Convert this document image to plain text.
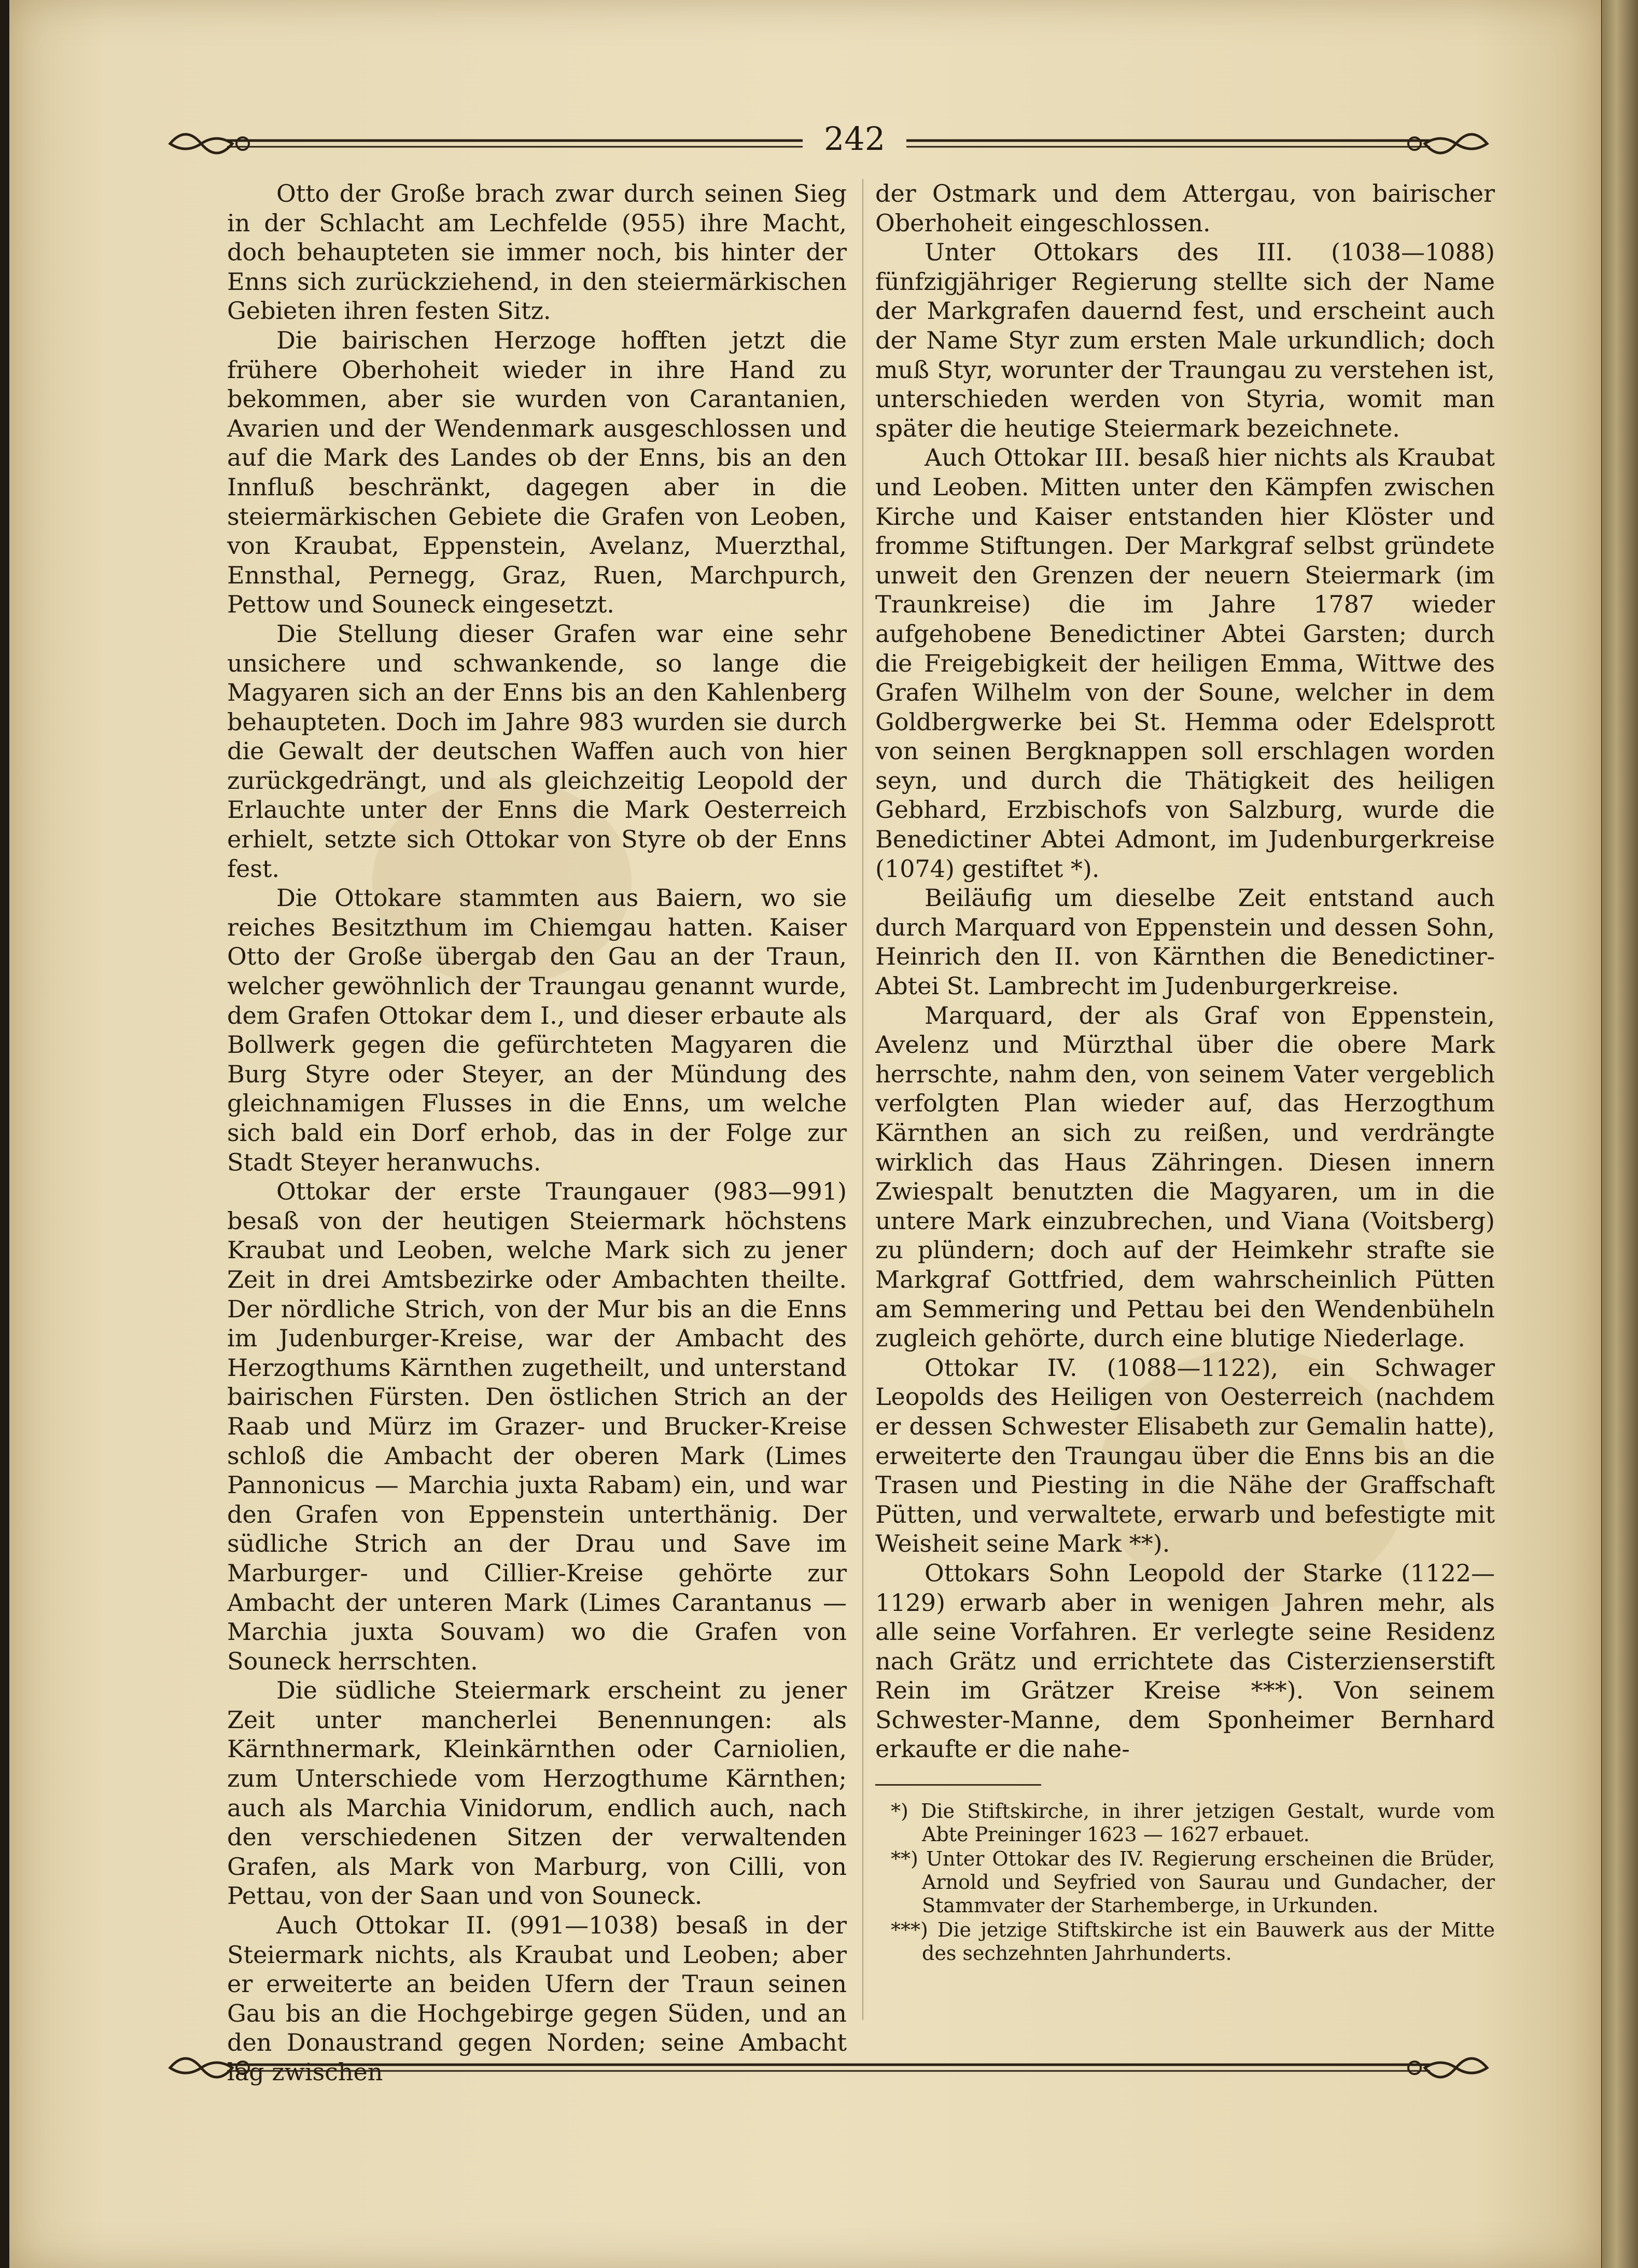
242

Otto der Große brach zwar durch seinen Sieg in der Schlacht am Lechfelde (955) ihre Macht, doch behaupteten sie immer noch, bis hinter der Enns sich zurückziehend, in den steiermärkischen Gebieten ihren festen Sitz.

Die bairischen Herzoge hofften jetzt die frühere Oberhoheit wieder in ihre Hand zu bekommen, aber sie wurden von Carantanien, Avarien und der Wendenmark ausgeschlossen und auf die Mark des Landes ob der Enns, bis an den Innfluß beschränkt, dagegen aber in die steiermärkischen Gebiete die Grafen von Leoben, von Kraubat, Eppenstein, Avelanz, Muerzthal, Ennsthal, Pernegg, Graz, Ruen, Marchpurch, Pettow und Souneck eingesetzt.

Die Stellung dieser Grafen war eine sehr unsichere und schwankende, so lange die Magyaren sich an der Enns bis an den Kahlenberg behaupteten. Doch im Jahre 983 wurden sie durch die Gewalt der deutschen Waffen auch von hier zurückgedrängt, und als gleichzeitig Leopold der Erlauchte unter der Enns die Mark Oesterreich erhielt, setzte sich Ottokar von Styre ob der Enns fest.

Die Ottokare stammten aus Baiern, wo sie reiches Besitzthum im Chiemgau hatten. Kaiser Otto der Große übergab den Gau an der Traun, welcher gewöhnlich der Traungau genannt wurde, dem Grafen Ottokar dem I., und dieser erbaute als Bollwerk gegen die gefürchteten Magyaren die Burg Styre oder Steyer, an der Mündung des gleichnamigen Flusses in die Enns, um welche sich bald ein Dorf erhob, das in der Folge zur Stadt Steyer heranwuchs.

Ottokar der erste Traungauer (983—991) besaß von der heutigen Steiermark höchstens Kraubat und Leoben, welche Mark sich zu jener Zeit in drei Amtsbezirke oder Ambachten theilte. Der nördliche Strich, von der Mur bis an die Enns im Judenburger-Kreise, war der Ambacht des Herzogthums Kärnthen zugetheilt, und unterstand bairischen Fürsten. Den östlichen Strich an der Raab und Mürz im Grazer- und Brucker-Kreise schloß die Ambacht der oberen Mark (Limes Pannonicus — Marchia juxta Rabam) ein, und war den Grafen von Eppenstein unterthänig. Der südliche Strich an der Drau und Save im Marburger- und Cillier-Kreise gehörte zur Ambacht der unteren Mark (Limes Carantanus — Marchia juxta Souvam) wo die Grafen von Souneck herrschten.

Die südliche Steiermark erscheint zu jener Zeit unter mancherlei Benennungen: als Kärnthnermark, Kleinkärnthen oder Carniolien, zum Unterschiede vom Herzogthume Kärnthen; auch als Marchia Vinidorum, endlich auch, nach den verschiedenen Sitzen der verwaltenden Grafen, als Mark von Marburg, von Cilli, von Pettau, von der Saan und von Souneck.

Auch Ottokar II. (991—1038) besaß in der Steiermark nichts, als Kraubat und Leoben; aber er erweiterte an beiden Ufern der Traun seinen Gau bis an die Hochgebirge gegen Süden, und an den Donaustrand gegen Norden; seine Ambacht lag zwischen

der Ostmark und dem Attergau, von bairischer Oberhoheit eingeschlossen.

Unter Ottokars des III. (1038—1088) fünfzigjähriger Regierung stellte sich der Name der Markgrafen dauernd fest, und erscheint auch der Name Styr zum ersten Male urkundlich; doch muß Styr, worunter der Traungau zu verstehen ist, unterschieden werden von Styria, womit man später die heutige Steiermark bezeichnete.

Auch Ottokar III. besaß hier nichts als Kraubat und Leoben. Mitten unter den Kämpfen zwischen Kirche und Kaiser entstanden hier Klöster und fromme Stiftungen. Der Markgraf selbst gründete unweit den Grenzen der neuern Steiermark (im Traunkreise) die im Jahre 1787 wieder aufgehobene Benedictiner Abtei Garsten; durch die Freigebigkeit der heiligen Emma, Wittwe des Grafen Wilhelm von der Soune, welcher in dem Goldbergwerke bei St. Hemma oder Edelsprott von seinen Bergknappen soll erschlagen worden seyn, und durch die Thätigkeit des heiligen Gebhard, Erzbischofs von Salzburg, wurde die Benedictiner Abtei Admont, im Judenburgerkreise (1074) gestiftet *).

Beiläufig um dieselbe Zeit entstand auch durch Marquard von Eppenstein und dessen Sohn, Heinrich den II. von Kärnthen die Benedictiner-Abtei St. Lambrecht im Judenburgerkreise.

Marquard, der als Graf von Eppenstein, Avelenz und Mürzthal über die obere Mark herrschte, nahm den, von seinem Vater vergeblich verfolgten Plan wieder auf, das Herzogthum Kärnthen an sich zu reißen, und verdrängte wirklich das Haus Zähringen. Diesen innern Zwiespalt benutzten die Magyaren, um in die untere Mark einzubrechen, und Viana (Voitsberg) zu plündern; doch auf der Heimkehr strafte sie Markgraf Gottfried, dem wahrscheinlich Pütten am Semmering und Pettau bei den Wendenbüheln zugleich gehörte, durch eine blutige Niederlage.

Ottokar IV. (1088—1122), ein Schwager Leopolds des Heiligen von Oesterreich (nachdem er dessen Schwester Elisabeth zur Gemalin hatte), erweiterte den Traungau über die Enns bis an die Trasen und Piesting in die Nähe der Graffschaft Pütten, und verwaltete, erwarb und befestigte mit Weisheit seine Mark **).

Ottokars Sohn Leopold der Starke (1122—1129) erwarb aber in wenigen Jahren mehr, als alle seine Vorfahren. Er verlegte seine Residenz nach Grätz und errichtete das Cisterzienserstift Rein im Grätzer Kreise ***). Von seinem Schwester-Manne, dem Sponheimer Bernhard erkaufte er die nahe-

*) Die Stiftskirche, in ihrer jetzigen Gestalt, wurde vom Abte Preininger 1623 — 1627 erbauet.

**) Unter Ottokar des IV. Regierung erscheinen die Brüder, Arnold und Seyfried von Saurau und Gundacher, der Stammvater der Starhemberge, in Urkunden.

***) Die jetzige Stiftskirche ist ein Bauwerk aus der Mitte des sechzehnten Jahrhunderts.
